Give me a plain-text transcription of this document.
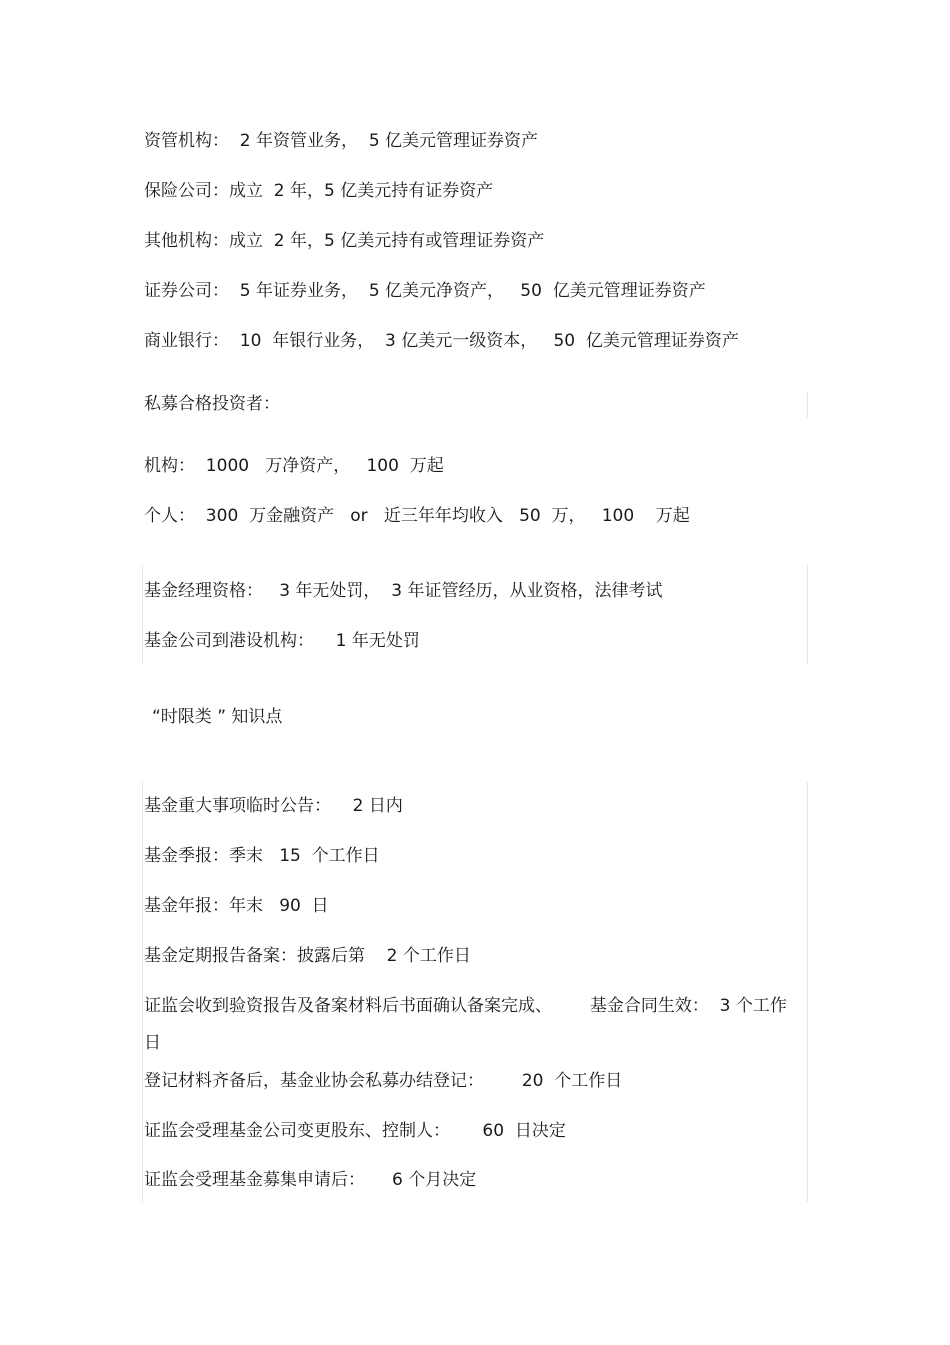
资管机构：  2 年资管业务，  5 亿美元管理证券资产
保险公司：成立  2 年，5 亿美元持有证券资产
其他机构：成立  2 年，5 亿美元持有或管理证券资产
证券公司：  5 年证券业务，  5 亿美元净资产，   50  亿美元管理证券资产
商业银行：  10  年银行业务，  3 亿美元一级资本，   50  亿美元管理证券资产
私募合格投资者：
机构：  1000   万净资产，   100  万起
个人：  300  万金融资产   or   近三年年均收入   50  万，   100    万起
基金经理资格：   3 年无处罚，  3 年证管经历，从业资格，法律考试
基金公司到港设机构：    1 年无处罚
“时限类 ” 知识点
基金重大事项临时公告：    2 日内
基金季报：季末   15  个工作日
基金年报：年末   90  日
基金定期报告备案：披露后第    2 个工作日
证监会收到验资报告及备案材料后书面确认备案完成、       基金合同生效：  3 个工作
日
登记材料齐备后，基金业协会私募办结登记：       20  个工作日
证监会受理基金公司变更股东、控制人：      60  日决定
证监会受理基金募集申请后：     6 个月决定
